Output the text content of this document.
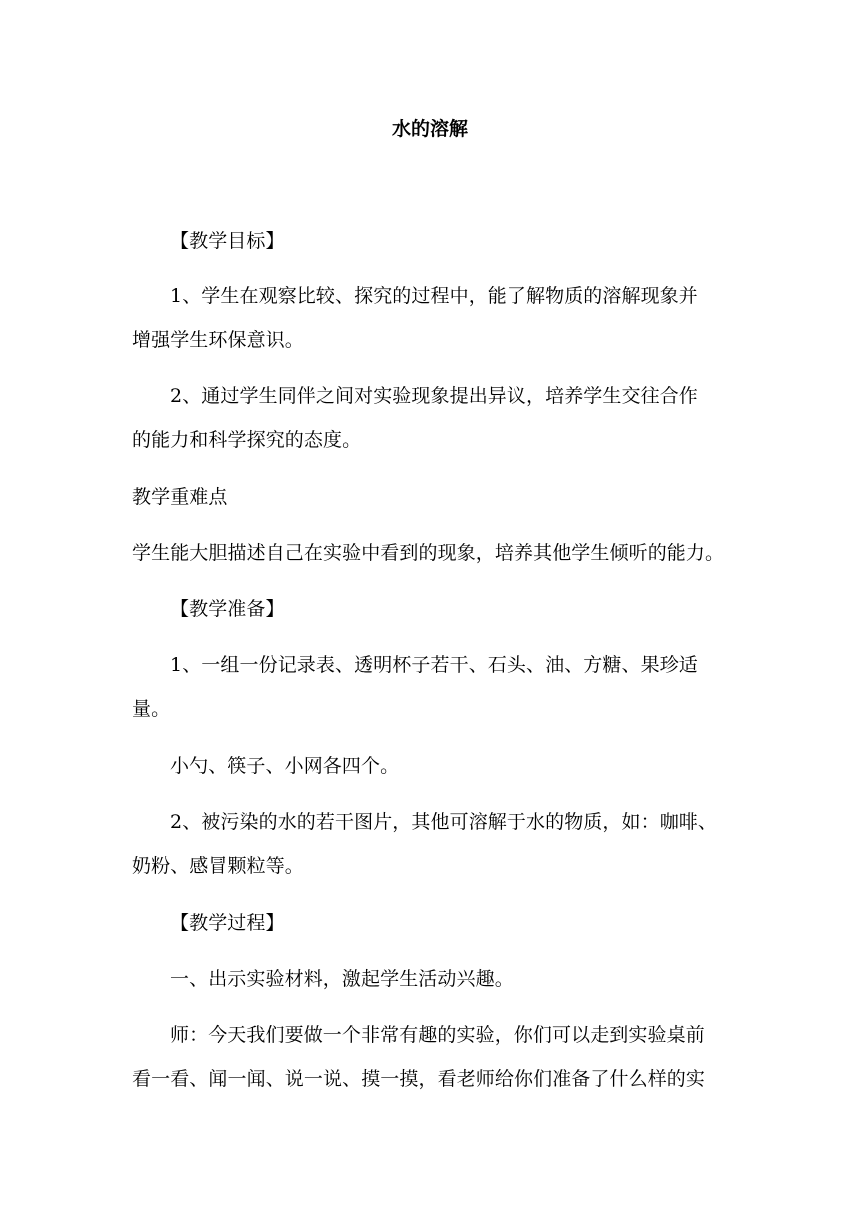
水的溶解
【教学目标】
1、学生在观察比较、探究的过程中，能了解物质的溶解现象并
增强学生环保意识。
2、通过学生同伴之间对实验现象提出异议，培养学生交往合作
的能力和科学探究的态度。
教学重难点
学生能大胆描述自己在实验中看到的现象，培养其他学生倾听的能力。
【教学准备】
1、一组一份记录表、透明杯子若干、石头、油、方糖、果珍适
量。
小勺、筷子、小网各四个。
2、被污染的水的若干图片，其他可溶解于水的物质，如：咖啡、
奶粉、感冒颗粒等。
【教学过程】
一、出示实验材料，激起学生活动兴趣。
师：今天我们要做一个非常有趣的实验，你们可以走到实验桌前
看一看、闻一闻、说一说、摸一摸，看老师给你们准备了什么样的实
